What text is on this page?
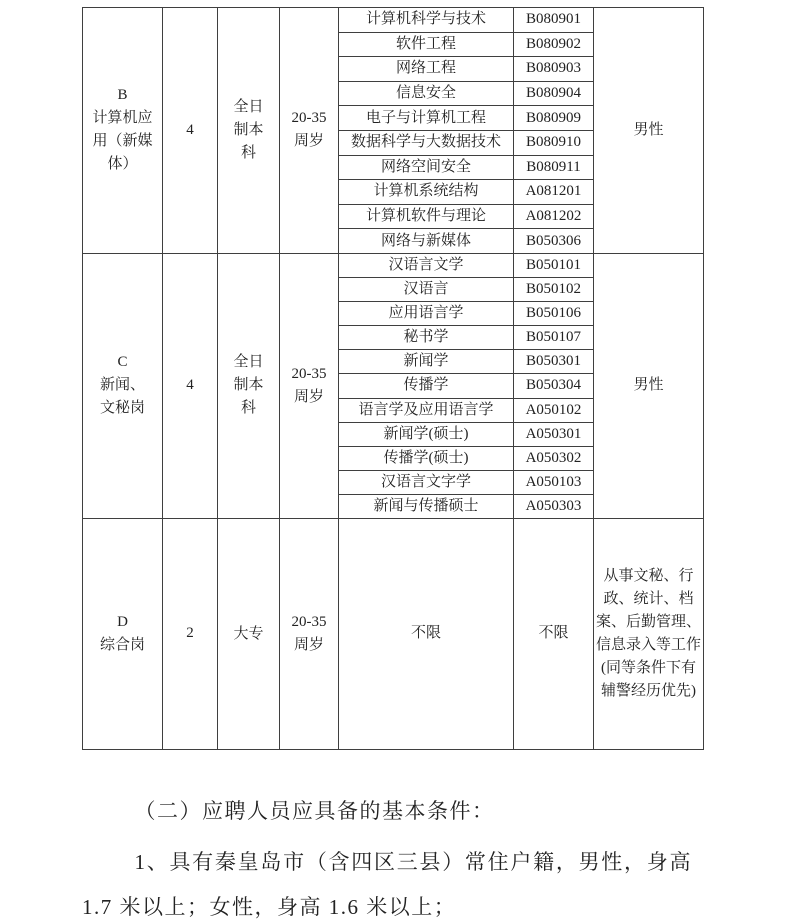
B
计算机应用（新媒体）	4	全日制本科	20-35周岁	计算机科学与技术	B080901	男性
				软件工程	B080902	
				网络工程	B080903	
				信息安全	B080904	
				电子与计算机工程	B080909	
				数据科学与大数据技术	B080910	
				网络空间安全	B080911	
				计算机系统结构	A081201	
				计算机软件与理论	A081202	
				网络与新媒体	B050306	

C
新闻、文秘岗	4	全日制本科	20-35周岁	汉语言文学	B050101	男性
				汉语言	B050102	
				应用语言学	B050106	
				秘书学	B050107	
				新闻学	B050301	
				传播学	B050304	
				语言学及应用语言学	A050102	
				新闻学(硕士)	A050301	
				传播学(硕士)	A050302	
				汉语言文字学	A050103	
				新闻与传播硕士	A050303	

D
综合岗	2	大专	20-35周岁	不限	不限	从事文秘、行政、统计、档案、后勤管理、信息录入等工作(同等条件下有辅警经历优先)

（二）应聘人员应具备的基本条件：

1、具有秦皇岛市（含四区三县）常住户籍，男性，身高 1.7 米以上；女性，身高 1.6 米以上；
